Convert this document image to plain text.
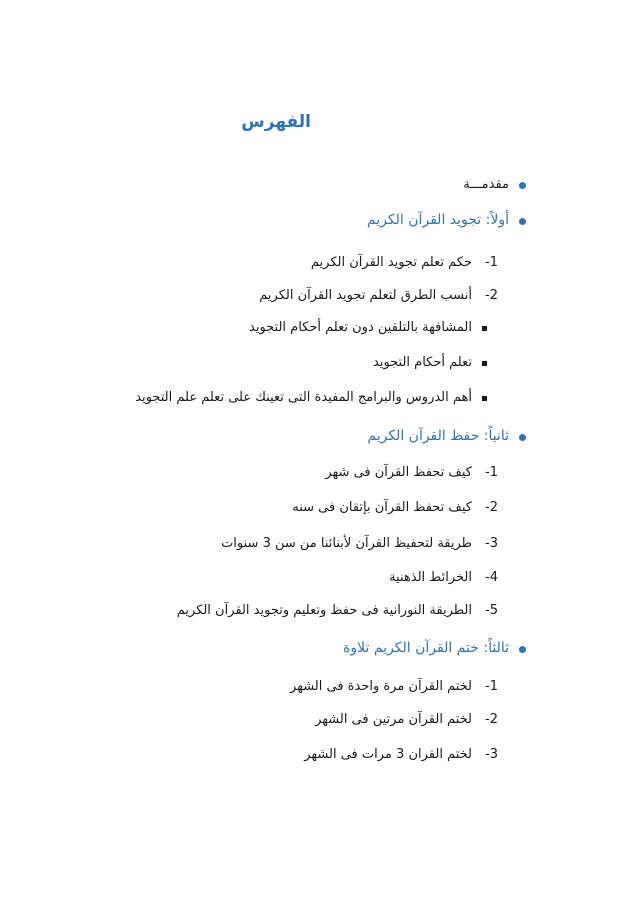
الفهرس
مقدمـــة
أولاً: تجويد القرآن الكريم
1-
حكم تعلم تجويد القرآن الكريم
2-
أنسب الطرق لتعلم تجويد القرآن الكريم
المشافهة بالتلقين دون تعلم أحكام التجويد
تعلم أحكام التجويد
أهم الدروس والبرامج المفيدة التى تعينك على تعلم علم التجويد
ثانياً: حفظ القرآن الكريم
1-
كيف تحفظ القرآن فى شهر
2-
كيف تحفظ القرآن بإتقان فى سنه
3-
طريقة لتحفيظ القرآن لأبنائنا من سن 3 سنوات
4-
الخرائط الذهنية
5-
الطريقة النورانية فى حفظ وتعليم وتجويد القرآن الكريم
ثالثاً: ختم القرآن الكريم تلاوة
1-
لختم القرآن مرة واحدة فى الشهر
2-
لختم القرآن مرتين فى الشهر
3-
لختم القران 3 مرات فى الشهر
